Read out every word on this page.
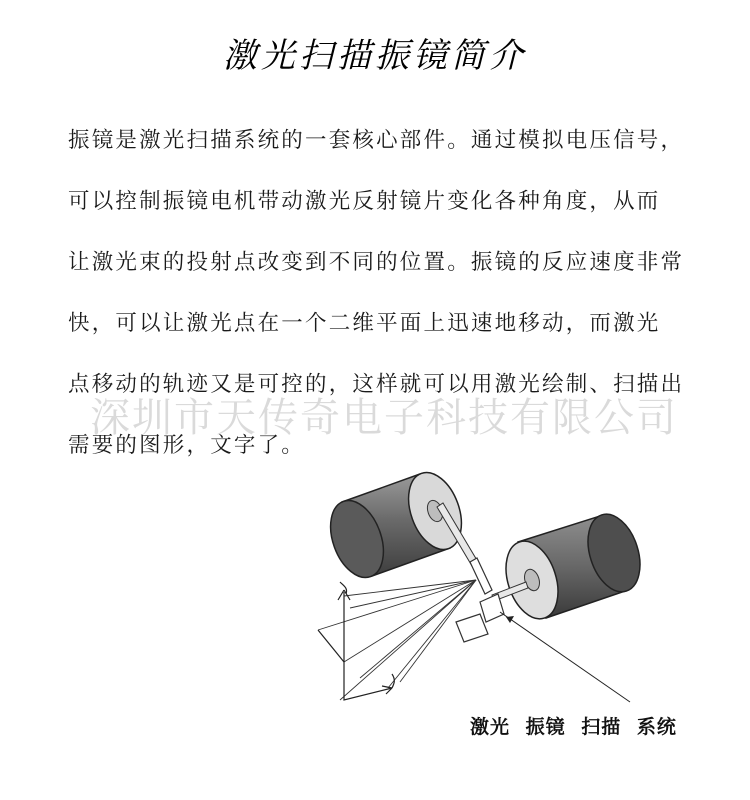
激光扫描振镜简介
振镜是激光扫描系统的一套核心部件。通过模拟电压信号，
可以控制振镜电机带动激光反射镜片变化各种角度，从而
让激光束的投射点改变到不同的位置。振镜的反应速度非常
快，可以让激光点在一个二维平面上迅速地移动，而激光
点移动的轨迹又是可控的，这样就可以用激光绘制、扫描出
需要的图形，文字了。
深圳市天传奇电子科技有限公司
激光 振镜 扫描 系统
